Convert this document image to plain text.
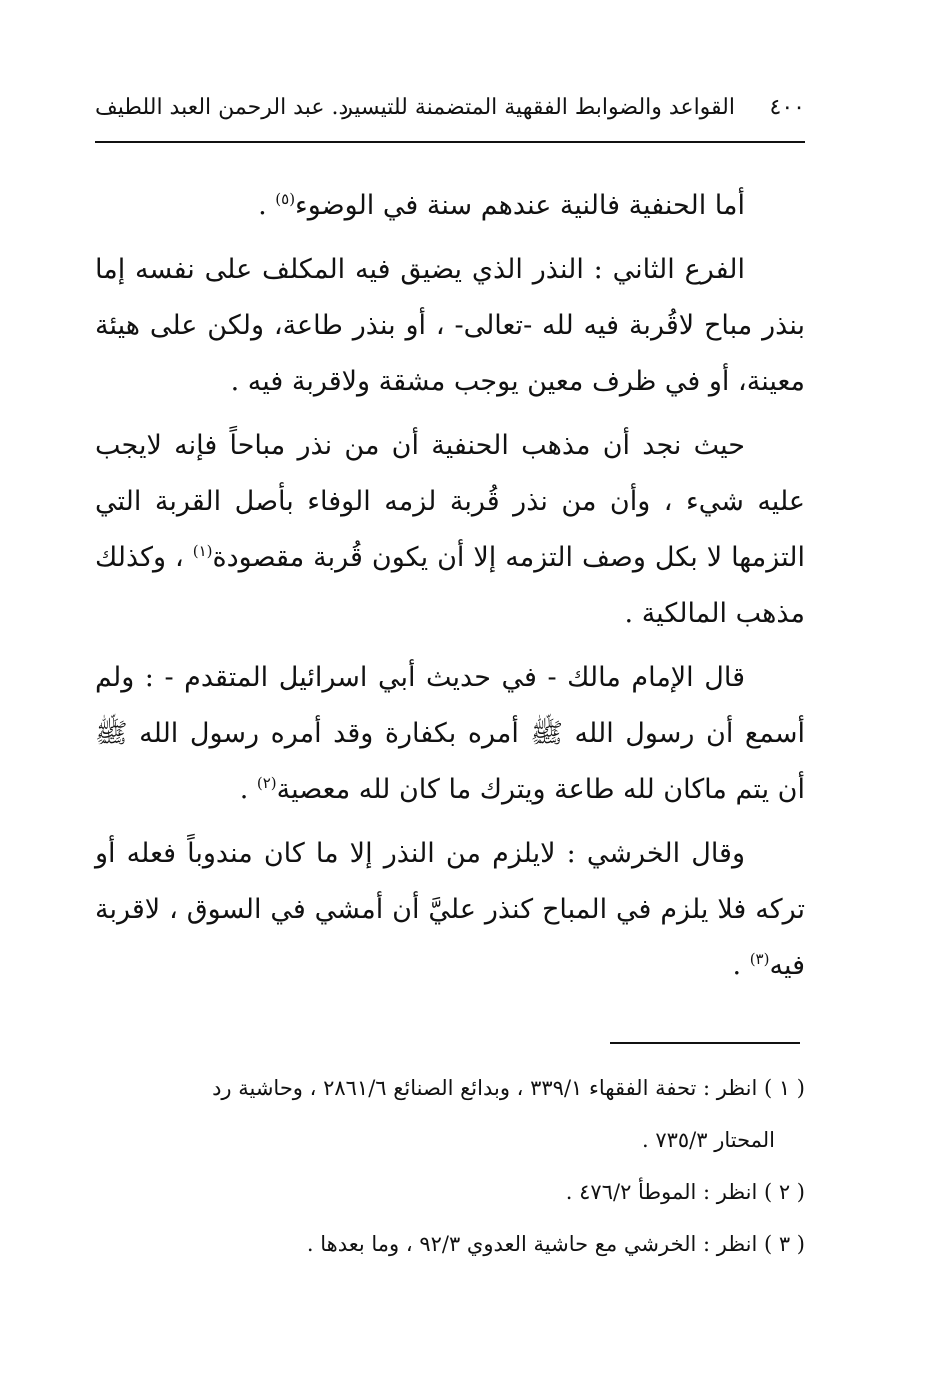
٤٠٠
القواعد والضوابط الفقهية المتضمنة للتيسير
د. عبد الرحمن العبد اللطيف

أما الحنفية فالنية عندهم سنة في الوضوء$^{(٥)}$ .

الفرع الثاني : النذر الذي يضيق فيه المكلف على نفسه إما بنذر مباح لاقُربة فيه لله -تعالى- ، أو بنذر طاعة، ولكن على هيئة معينة، أو في ظرف معين يوجب مشقة ولاقربة فيه .

حيث نجد أن مذهب الحنفية أن من نذر مباحاً فإنه لايجب عليه شيء ، وأن من نذر قُربة لزمه الوفاء بأصل القربة التي التزمها لا بكل وصف التزمه إلا أن يكون قُربة مقصودة$^{(١)}$ ، وكذلك مذهب المالكية .

قال الإمام مالك - في حديث أبي اسرائيل المتقدم - : ولم أسمع أن رسول الله ﷺ أمره بكفارة وقد أمره رسول الله ﷺ أن يتم ماكان لله طاعة ويترك ما كان لله معصية$^{(٢)}$ .

وقال الخرشي : لايلزم من النذر إلا ما كان مندوباً فعله أو تركه فلا يلزم في المباح كنذر عليَّ أن أمشي في السوق ، لاقربة فيه$^{(٣)}$ .

( ١ ) انظر : تحفة الفقهاء ٣٣٩/١ ، وبدائع الصنائع ٢٨٦١/٦ ، وحاشية رد
المحتار ٧٣٥/٣ .
( ٢ ) انظر : الموطأ ٤٧٦/٢ .
( ٣ ) انظر : الخرشي مع حاشية العدوي ٩٢/٣ ، وما بعدها .
